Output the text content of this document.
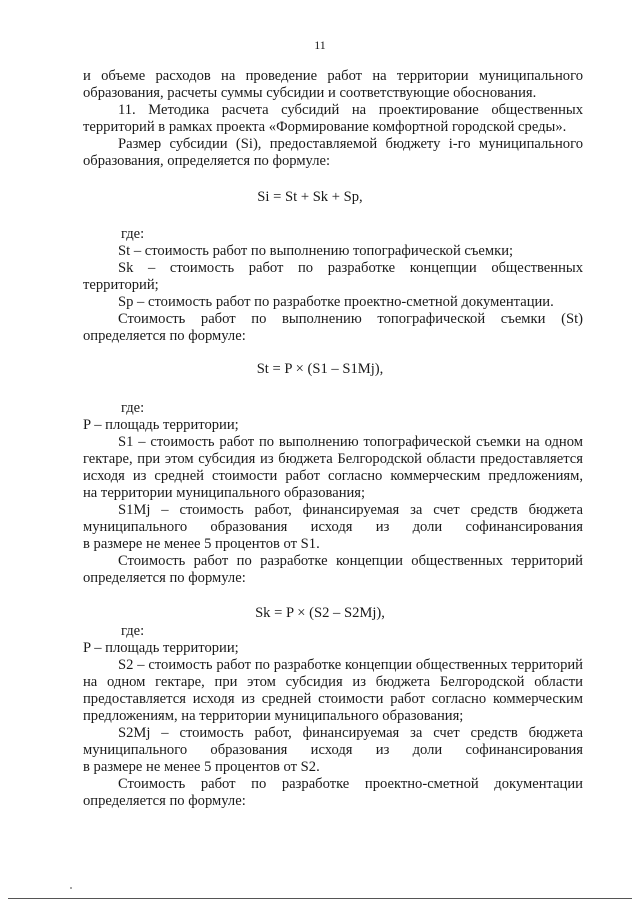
11
и объеме расходов на проведение работ на территории муниципального
образования, расчеты суммы субсидии и соответствующие обоснования.
11. Методика расчета субсидий на проектирование общественных
территорий в рамках проекта «Формирование комфортной городской среды».
Размер субсидии (Si), предоставляемой бюджету i-го муниципального
образования, определяется по формуле:
Si = St + Sk + Sp,
где:
St – стоимость работ по выполнению топографической съемки;
Sk – стоимость работ по разработке концепции общественных
территорий;
Sp – стоимость работ по разработке проектно-сметной документации.
Стоимость работ по выполнению топографической съемки (St)
определяется по формуле:
St = P × (S1 – S1Mj),
где:
P – площадь территории;
S1 – стоимость работ по выполнению топографической съемки на одном
гектаре, при этом субсидия из бюджета Белгородской области предоставляется
исходя из средней стоимости работ согласно коммерческим предложениям,
на территории муниципального образования;
S1Mj – стоимость работ, финансируемая за счет средств бюджета
муниципального образования исходя из доли софинансирования
в размере не менее 5 процентов от S1.
Стоимость работ по разработке концепции общественных территорий
определяется по формуле:
Sk = P × (S2 – S2Mj),
где:
P – площадь территории;
S2 – стоимость работ по разработке концепции общественных территорий
на одном гектаре, при этом субсидия из бюджета Белгородской области
предоставляется исходя из средней стоимости работ согласно коммерческим
предложениям, на территории муниципального образования;
S2Mj – стоимость работ, финансируемая за счет средств бюджета
муниципального образования исходя из доли софинансирования
в размере не менее 5 процентов от S2.
Стоимость работ по разработке проектно-сметной документации
определяется по формуле:
